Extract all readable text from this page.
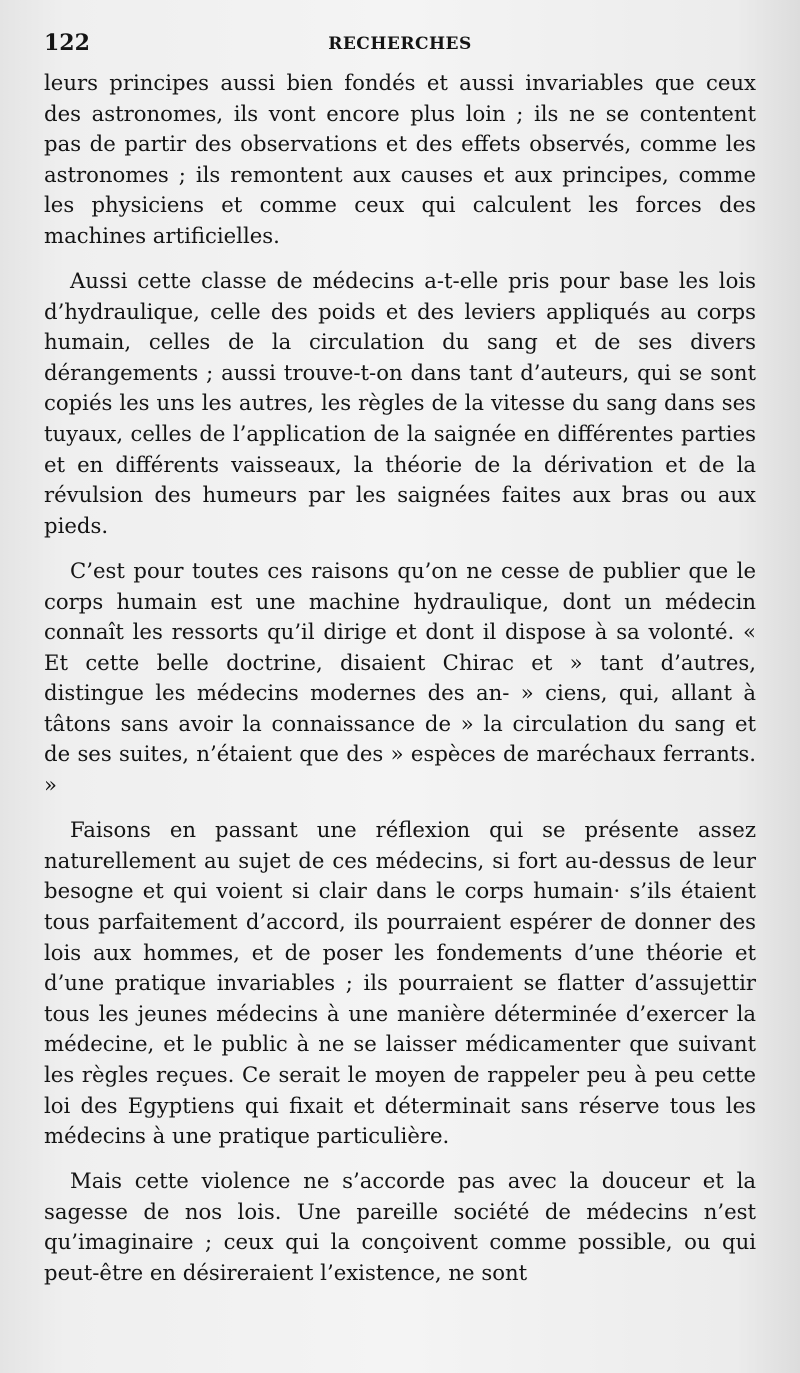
122	RECHERCHES

leurs principes aussi bien fondés et aussi invariables que ceux des astronomes, ils vont encore plus loin ; ils ne se contentent pas de partir des observations et des effets observés, comme les astronomes ; ils remontent aux causes et aux principes, comme les physiciens et comme ceux qui calculent les forces des machines artificielles.

Aussi cette classe de médecins a-t-elle pris pour base les lois d’hydraulique, celle des poids et des leviers appliqués au corps humain, celles de la circulation du sang et de ses divers dérangements ; aussi trouve-t-on dans tant d’auteurs, qui se sont copiés les uns les autres, les règles de la vitesse du sang dans ses tuyaux, celles de l’application de la saignée en différentes parties et en différents vaisseaux, la théorie de la dérivation et de la révulsion des humeurs par les saignées faites aux bras ou aux pieds.

C’est pour toutes ces raisons qu’on ne cesse de publier que le corps humain est une machine hydraulique, dont un médecin connaît les ressorts qu’il dirige et dont il dispose à sa volonté. « Et cette belle doctrine, disaient Chirac et » tant d’autres, distingue les médecins modernes des an- » ciens, qui, allant à tâtons sans avoir la connaissance de » la circulation du sang et de ses suites, n’étaient que des » espèces de maréchaux ferrants. »

Faisons en passant une réflexion qui se présente assez naturellement au sujet de ces médecins, si fort au-dessus de leur besogne et qui voient si clair dans le corps humain· s’ils étaient tous parfaitement d’accord, ils pourraient espérer de donner des lois aux hommes, et de poser les fondements d’une théorie et d’une pratique invariables ; ils pourraient se flatter d’assujettir tous les jeunes médecins à une manière déterminée d’exercer la médecine, et le public à ne se laisser médicamenter que suivant les règles reçues. Ce serait le moyen de rappeler peu à peu cette loi des Egyptiens qui fixait et déterminait sans réserve tous les médecins à une pratique particulière.

Mais cette violence ne s’accorde pas avec la douceur et la sagesse de nos lois. Une pareille société de médecins n’est qu’imaginaire ; ceux qui la conçoivent comme possible, ou qui peut-être en désireraient l’existence, ne sont
